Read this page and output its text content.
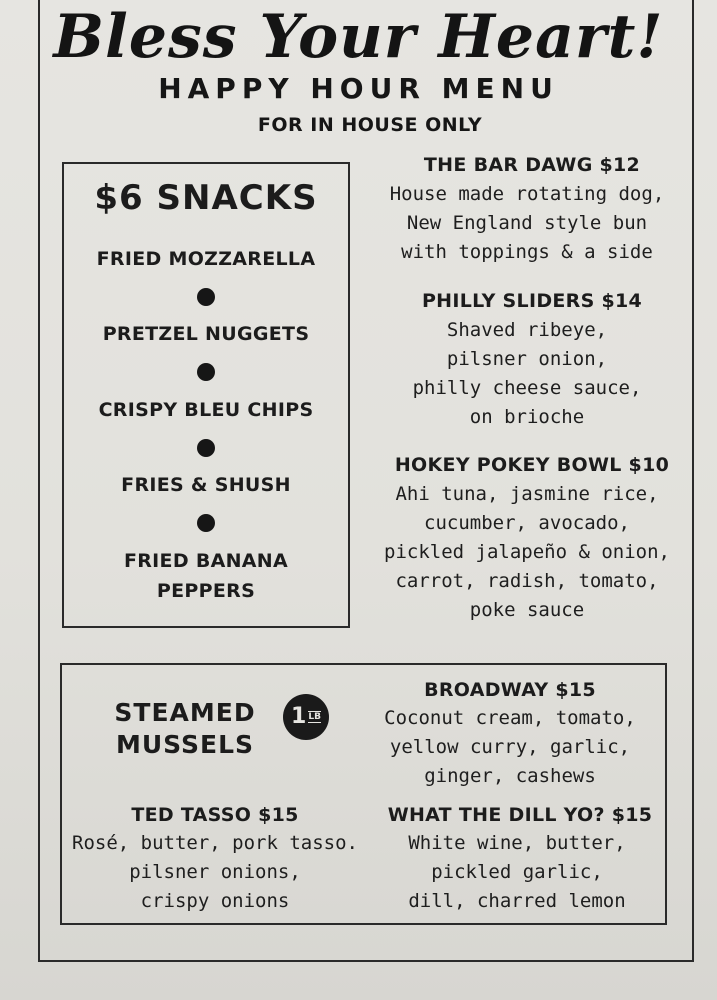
Bless Your Heart!
HAPPY HOUR MENU
FOR IN HOUSE ONLY
$6 SNACKS
FRIED MOZZARELLA
PRETZEL NUGGETS
CRISPY BLEU CHIPS
FRIES & SHUSH
FRIED BANANA
PEPPERS
THE BAR DAWG $12
House made rotating dog,
New England style bun
with toppings & a side
PHILLY SLIDERS $14
Shaved ribeye,
pilsner onion,
philly cheese sauce,
on brioche
HOKEY POKEY BOWL $10
Ahi tuna, jasmine rice,
cucumber, avocado,
pickled jalapeño & onion,
carrot, radish, tomato,
poke sauce
STEAMED
MUSSELS
1 LB
BROADWAY $15
Coconut cream, tomato,
yellow curry, garlic,
ginger, cashews
TED TASSO $15
Rosé, butter, pork tasso.
pilsner onions,
crispy onions
WHAT THE DILL YO? $15
White wine, butter,
pickled garlic,
dill, charred lemon
